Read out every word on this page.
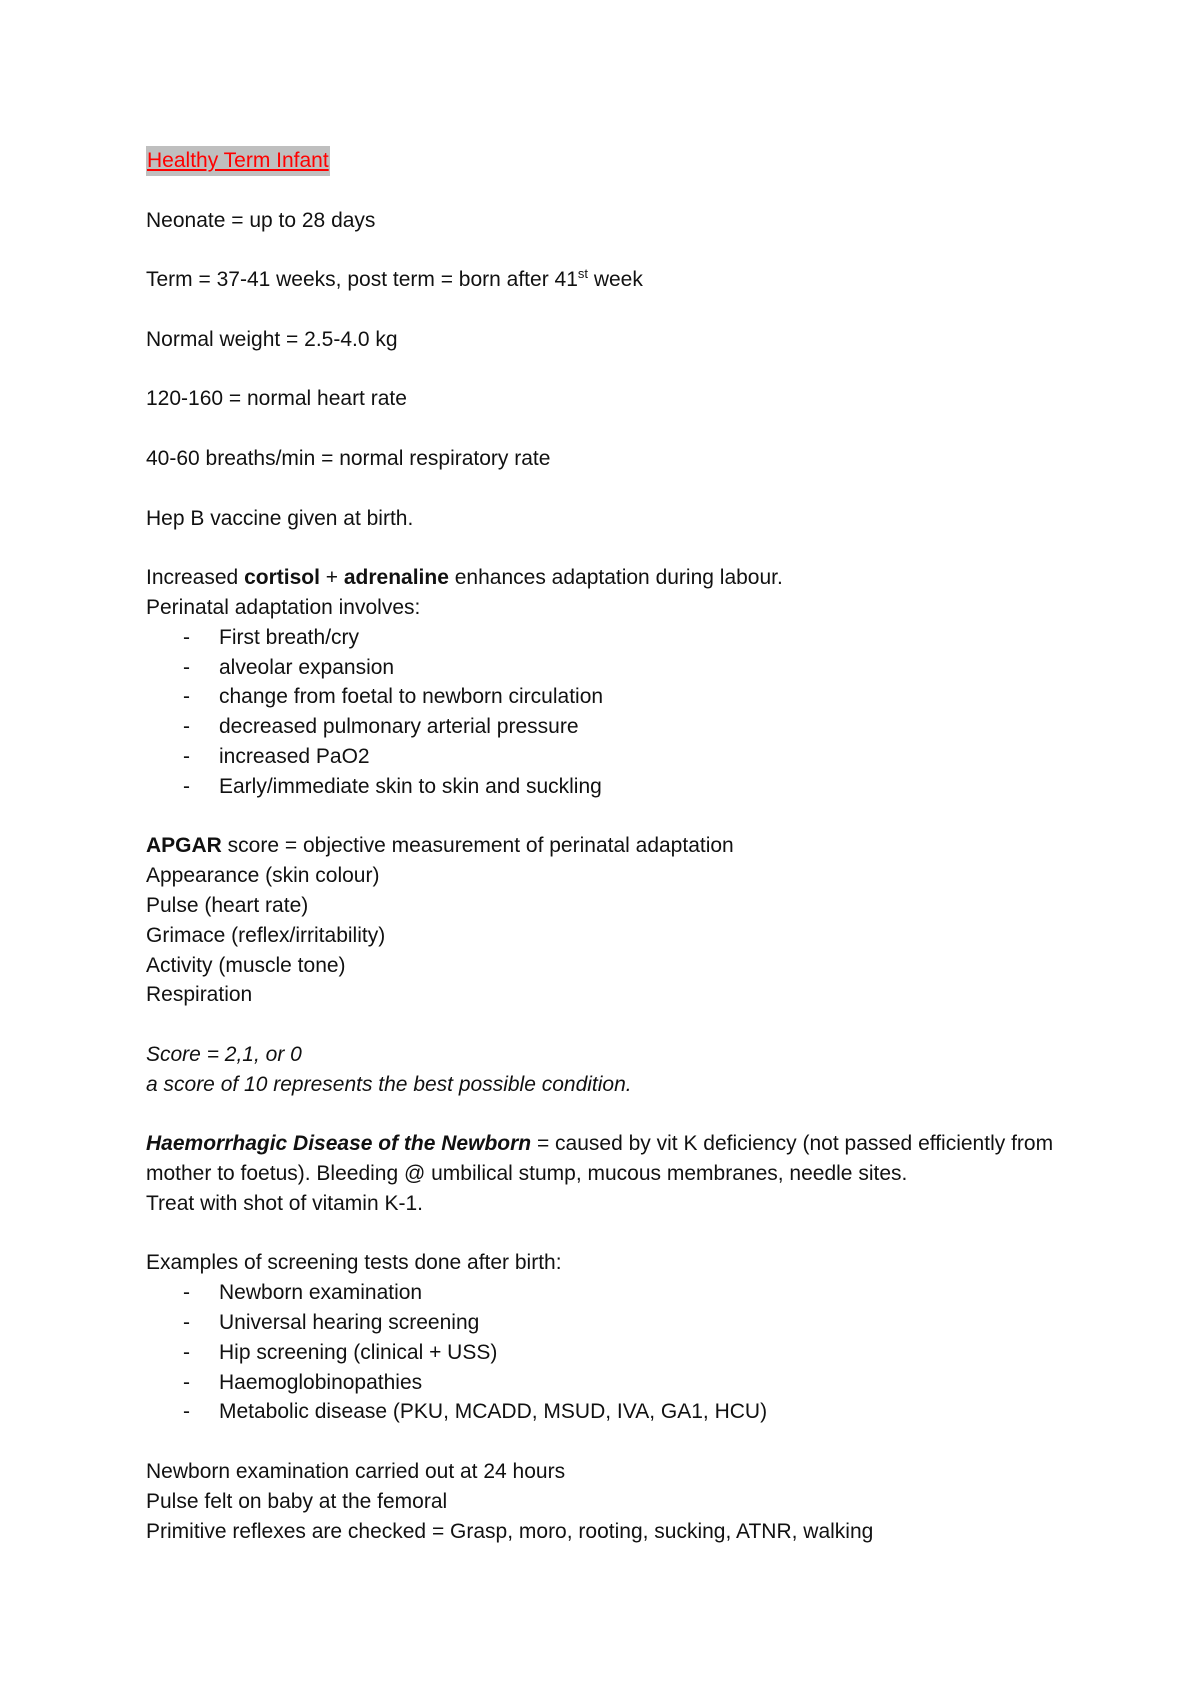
Healthy Term Infant

Neonate = up to 28 days

Term = 37-41 weeks, post term = born after 41st week

Normal weight = 2.5-4.0 kg

120-160 = normal heart rate

40-60 breaths/min = normal respiratory rate

Hep B vaccine given at birth.

Increased cortisol + adrenaline enhances adaptation during labour.

Perinatal adaptation involves:

- First breath/cry
- alveolar expansion
- change from foetal to newborn circulation
- decreased pulmonary arterial pressure
- increased PaO2
- Early/immediate skin to skin and suckling

APGAR score = objective measurement of perinatal adaptation

Appearance (skin colour)

Pulse (heart rate)

Grimace (reflex/irritability)

Activity (muscle tone)

Respiration

Score = 2,1, or 0

a score of 10 represents the best possible condition.

Haemorrhagic Disease of the Newborn = caused by vit K deficiency (not passed efficiently from mother to foetus). Bleeding @ umbilical stump, mucous membranes, needle sites.

Treat with shot of vitamin K-1.

Examples of screening tests done after birth:

- Newborn examination
- Universal hearing screening
- Hip screening (clinical + USS)
- Haemoglobinopathies
- Metabolic disease (PKU, MCADD, MSUD, IVA, GA1, HCU)

Newborn examination carried out at 24 hours

Pulse felt on baby at the femoral

Primitive reflexes are checked = Grasp, moro, rooting, sucking, ATNR, walking
